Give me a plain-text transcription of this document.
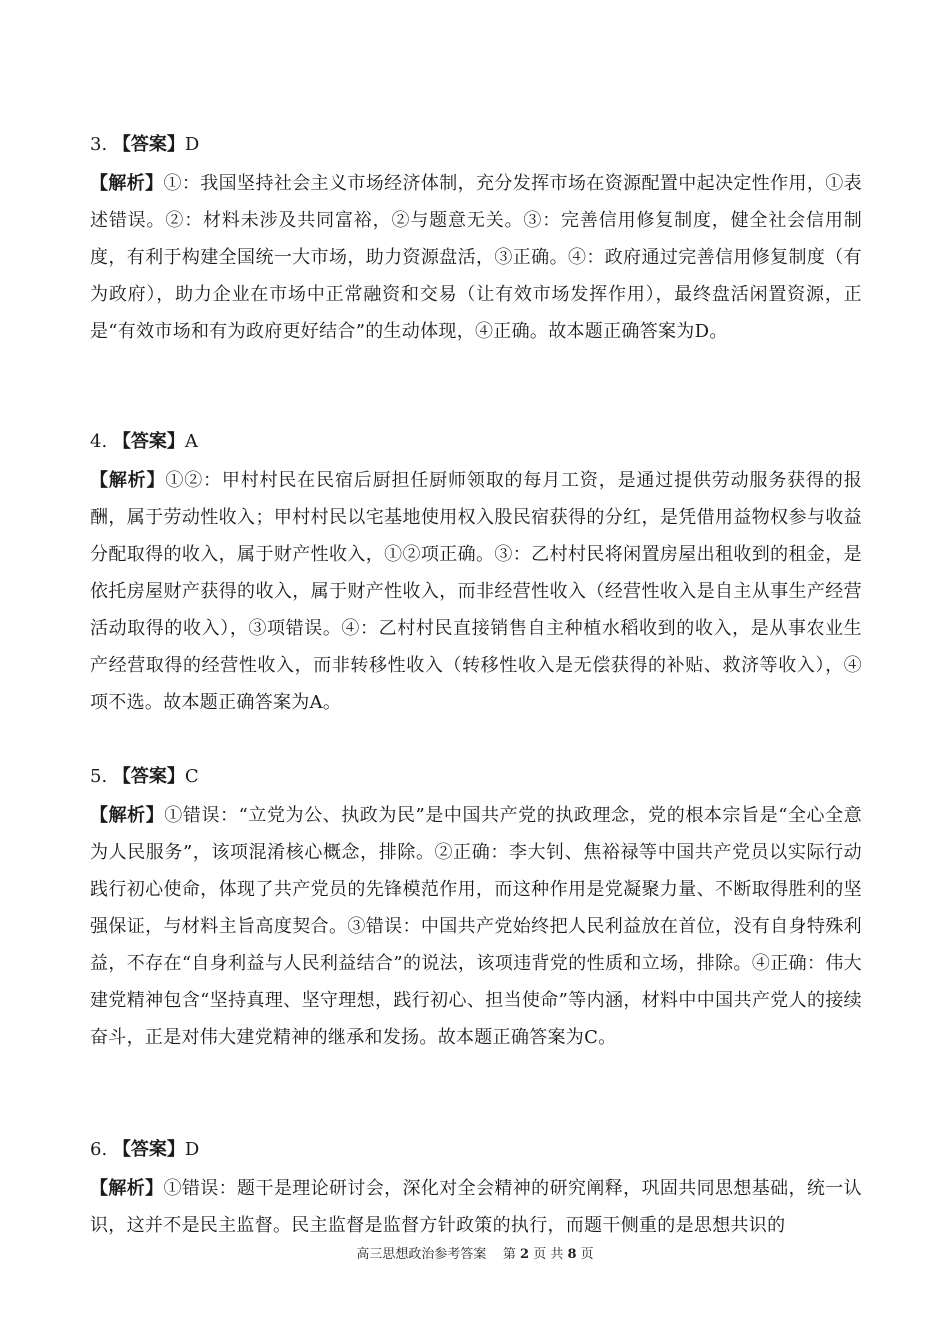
3. 【答案】D

【解析】①：我国坚持社会主义市场经济体制，充分发挥市场在资源配置中起决定性作用，①表述错误。②：材料未涉及共同富裕，②与题意无关。③：完善信用修复制度，健全社会信用制度，有利于构建全国统一大市场，助力资源盘活，③正确。④：政府通过完善信用修复制度（有为政府），助力企业在市场中正常融资和交易（让有效市场发挥作用），最终盘活闲置资源，正是“有效市场和有为政府更好结合”的生动体现，④正确。故本题正确答案为D。

4. 【答案】A

【解析】①②：甲村村民在民宿后厨担任厨师领取的每月工资，是通过提供劳动服务获得的报酬，属于劳动性收入；甲村村民以宅基地使用权入股民宿获得的分红，是凭借用益物权参与收益分配取得的收入，属于财产性收入，①②项正确。③：乙村村民将闲置房屋出租收到的租金，是依托房屋财产获得的收入，属于财产性收入，而非经营性收入（经营性收入是自主从事生产经营活动取得的收入），③项错误。④：乙村村民直接销售自主种植水稻收到的收入，是从事农业生产经营取得的经营性收入，而非转移性收入（转移性收入是无偿获得的补贴、救济等收入），④项不选。故本题正确答案为A。

5. 【答案】C

【解析】①错误：“立党为公、执政为民”是中国共产党的执政理念，党的根本宗旨是“全心全意为人民服务”，该项混淆核心概念，排除。②正确：李大钊、焦裕禄等中国共产党员以实际行动践行初心使命，体现了共产党员的先锋模范作用，而这种作用是党凝聚力量、不断取得胜利的坚强保证，与材料主旨高度契合。③错误：中国共产党始终把人民利益放在首位，没有自身特殊利益，不存在“自身利益与人民利益结合”的说法，该项违背党的性质和立场，排除。④正确：伟大建党精神包含“坚持真理、坚守理想，践行初心、担当使命”等内涵，材料中中国共产党人的接续奋斗，正是对伟大建党精神的继承和发扬。故本题正确答案为C。

6. 【答案】D

【解析】①错误：题干是理论研讨会，深化对全会精神的研究阐释，巩固共同思想基础，统一认识，这并不是民主监督。民主监督是监督方针政策的执行，而题干侧重的是思想共识的

高三思想政治参考答案 第 2 页 共 8 页
